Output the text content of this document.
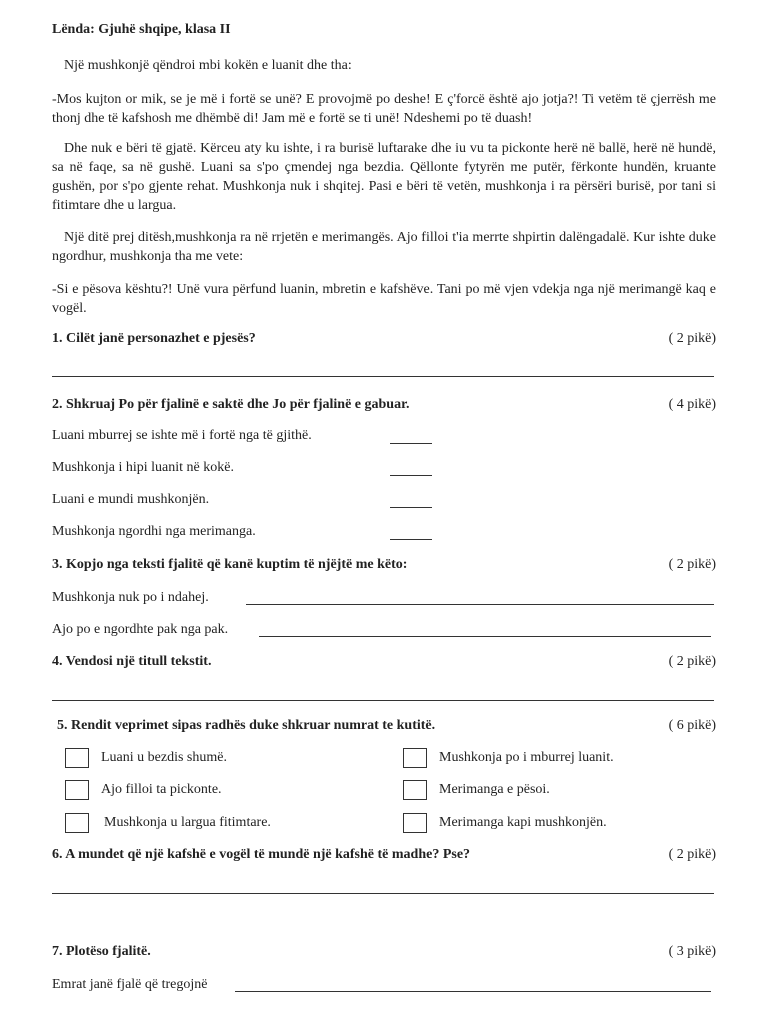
Lënda: Gjuhë shqipe, klasa II

Një mushkonjë qëndroi mbi kokën e luanit dhe tha:

-Mos kujton or mik, se je më i fortë se unë? E provojmë po deshe! E ç'forcë është ajo jotja?! Ti vetëm të çjerrësh me thonj dhe të kafshosh me dhëmbë di! Jam më e fortë se ti unë! Ndeshemi po të duash!

Dhe nuk e bëri të gjatë. Kërceu aty ku ishte, i ra burisë luftarake dhe iu vu ta pickonte herë në ballë, herë në hundë, sa në faqe, sa në gushë. Luani sa s'po çmendej nga bezdia. Qëllonte fytyrën me putër, fërkonte hundën, kruante gushën, por s'po gjente rehat. Mushkonja nuk i shqitej. Pasi e bëri të vetën, mushkonja i ra përsëri burisë, por tani si fitimtare dhe u largua.

Një ditë prej ditësh,mushkonja ra në rrjetën e merimangës. Ajo filloi t'ia merrte shpirtin dalëngadalë. Kur ishte duke ngordhur, mushkonja tha me vete:

-Si e pësova kështu?! Unë vura përfund luanin, mbretin e kafshëve. Tani po më vjen vdekja nga një merimangë kaq e vogël.

1. Cilët janë personazhet e pjesës?	( 2 pikë)
2. Shkruaj Po për fjalinë e saktë dhe Jo për fjalinë e gabuar.	( 4 pikë)
Luani mburrej se ishte më i fortë nga të gjithë.
Mushkonja i hipi luanit në kokë.
Luani e mundi mushkonjën.
Mushkonja ngordhi nga merimanga.
3. Kopjo nga teksti fjalitë që kanë kuptim të njëjtë me këto:	( 2 pikë)
Mushkonja nuk po i ndahej.
Ajo po e ngordhte pak nga pak.
4. Vendosi një titull tekstit.	( 2 pikë)
5. Rendit veprimet sipas radhës duke shkruar numrat te kutitë.	( 6 pikë)
Luani u bezdis shumë.	Mushkonja po i mburrej luanit.
Ajo filloi ta pickonte.	Merimanga e pësoi.
Mushkonja u largua fitimtare.	Merimanga kapi mushkonjën.
6. A mundet që një kafshë e vogël të mundë një kafshë të madhe? Pse?	( 2 pikë)
7. Plotëso fjalitë.	( 3 pikë)
Emrat janë fjalë që tregojnë
